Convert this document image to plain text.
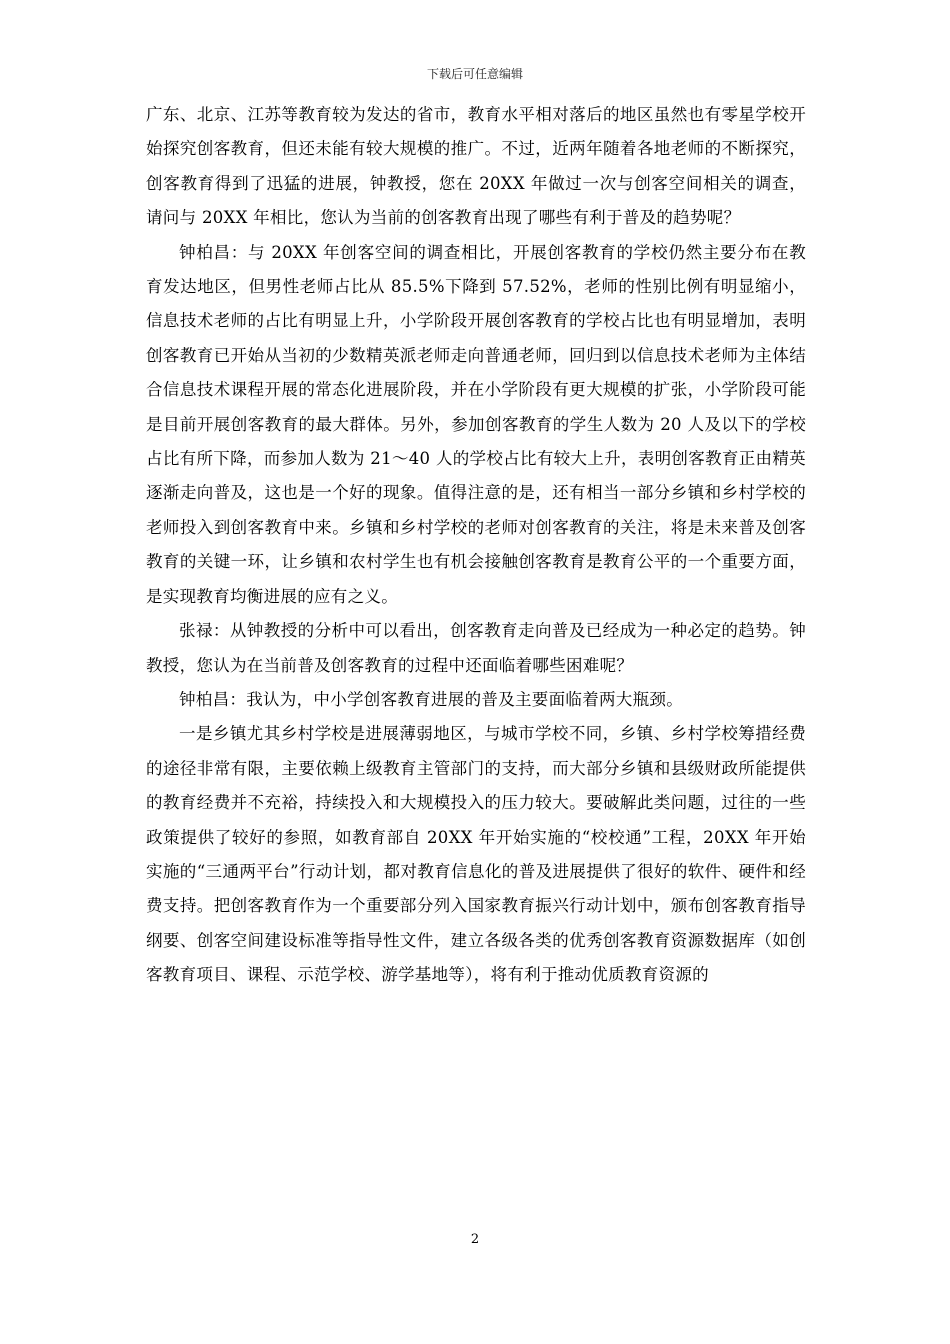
下载后可任意编辑

广东、北京、江苏等教育较为发达的省市，教育水平相对落后的地区虽然也有零星学校开始探究创客教育，但还未能有较大规模的推广。不过，近两年随着各地老师的不断探究，创客教育得到了迅猛的进展，钟教授，您在 20XX 年做过一次与创客空间相关的调查，请问与 20XX 年相比，您认为当前的创客教育出现了哪些有利于普及的趋势呢？

钟柏昌：与 20XX 年创客空间的调查相比，开展创客教育的学校仍然主要分布在教育发达地区，但男性老师占比从 85.5%下降到 57.52%，老师的性别比例有明显缩小，信息技术老师的占比有明显上升，小学阶段开展创客教育的学校占比也有明显增加，表明创客教育已开始从当初的少数精英派老师走向普通老师，回归到以信息技术老师为主体结合信息技术课程开展的常态化进展阶段，并在小学阶段有更大规模的扩张，小学阶段可能是目前开展创客教育的最大群体。另外，参加创客教育的学生人数为 20 人及以下的学校占比有所下降，而参加人数为 21～40 人的学校占比有较大上升，表明创客教育正由精英逐渐走向普及，这也是一个好的现象。值得注意的是，还有相当一部分乡镇和乡村学校的老师投入到创客教育中来。乡镇和乡村学校的老师对创客教育的关注，将是未来普及创客教育的关键一环，让乡镇和农村学生也有机会接触创客教育是教育公平的一个重要方面，是实现教育均衡进展的应有之义。

张禄：从钟教授的分析中可以看出，创客教育走向普及已经成为一种必定的趋势。钟教授，您认为在当前普及创客教育的过程中还面临着哪些困难呢？

钟柏昌：我认为，中小学创客教育进展的普及主要面临着两大瓶颈。

一是乡镇尤其乡村学校是进展薄弱地区，与城市学校不同，乡镇、乡村学校筹措经费的途径非常有限，主要依赖上级教育主管部门的支持，而大部分乡镇和县级财政所能提供的教育经费并不充裕，持续投入和大规模投入的压力较大。要破解此类问题，过往的一些政策提供了较好的参照，如教育部自 20XX 年开始实施的“校校通”工程，20XX 年开始实施的“三通两平台”行动计划，都对教育信息化的普及进展提供了很好的软件、硬件和经费支持。把创客教育作为一个重要部分列入国家教育振兴行动计划中，颁布创客教育指导纲要、创客空间建设标准等指导性文件，建立各级各类的优秀创客教育资源数据库（如创客教育项目、课程、示范学校、游学基地等），将有利于推动优质教育资源的

2
